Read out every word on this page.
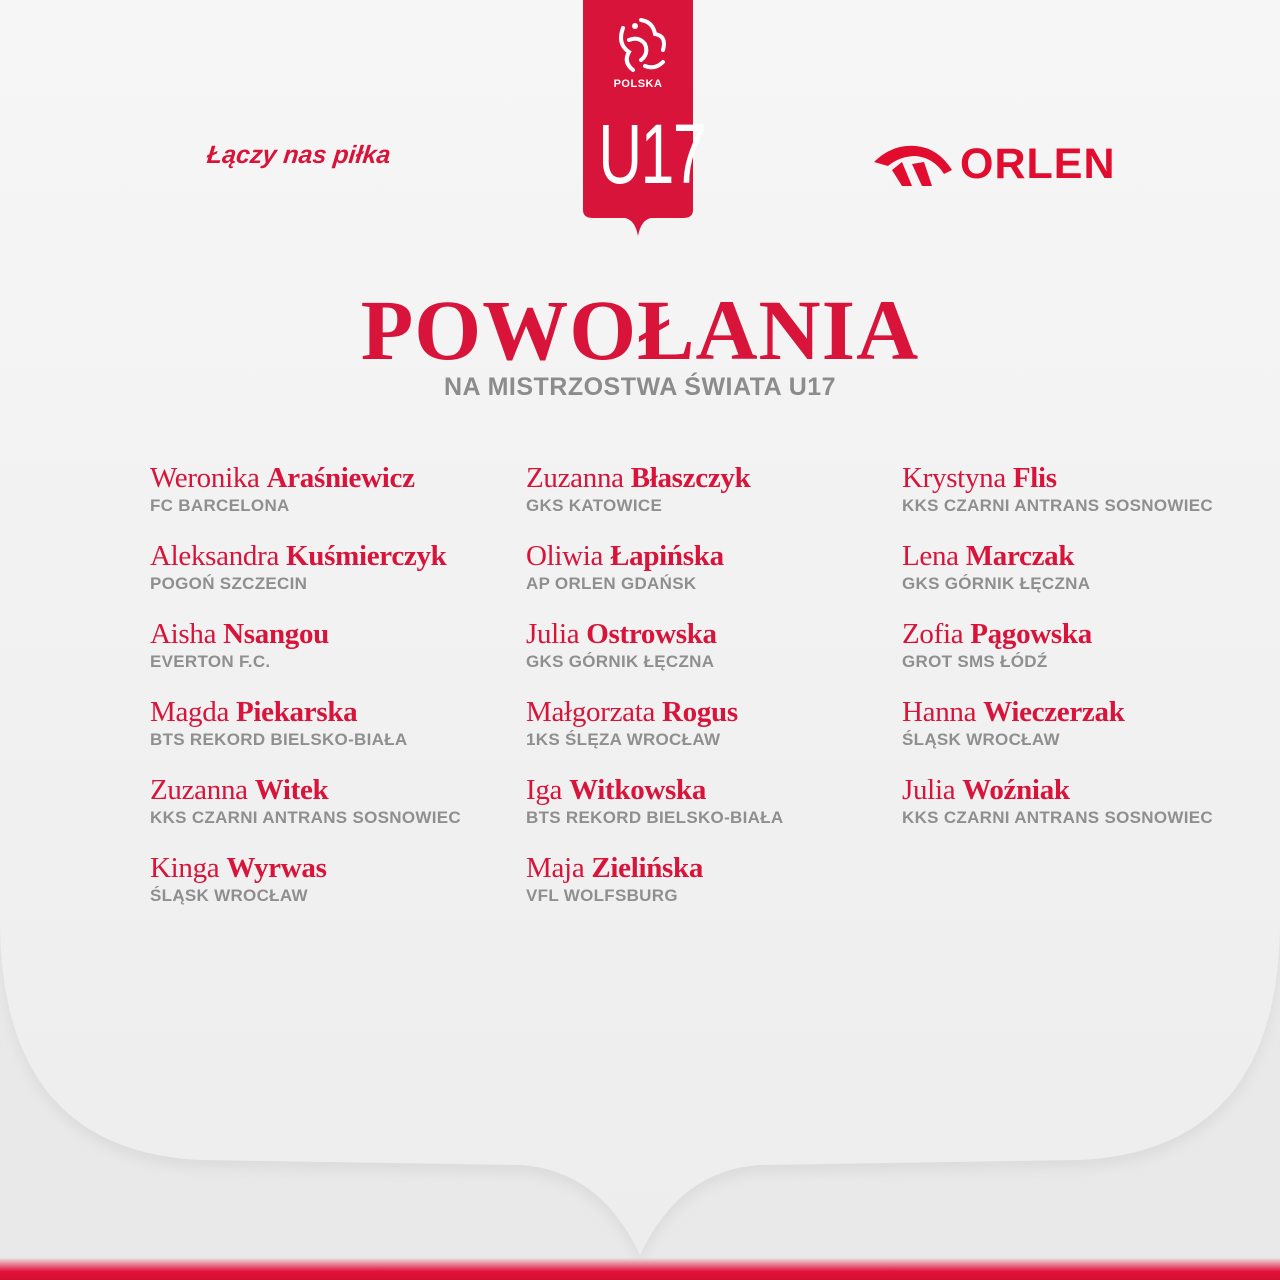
POLSKA
U17
Łączy nas piłka	ORLEN
POWOŁANIA
NA MISTRZOSTWA ŚWIATA U17
Weronika Araśniewicz
FC BARCELONA
Aleksandra Kuśmierczyk
POGOŃ SZCZECIN
Aisha Nsangou
EVERTON F.C.
Magda Piekarska
BTS REKORD BIELSKO-BIAŁA
Zuzanna Witek
KKS CZARNI ANTRANS SOSNOWIEC
Kinga Wyrwas
ŚLĄSK WROCŁAW
Zuzanna Błaszczyk
GKS KATOWICE
Oliwia Łapińska
AP ORLEN GDAŃSK
Julia Ostrowska
GKS GÓRNIK ŁĘCZNA
Małgorzata Rogus
1KS ŚLĘZA WROCŁAW
Iga Witkowska
BTS REKORD BIELSKO-BIAŁA
Maja Zielińska
VFL WOLFSBURG
Krystyna Flis
KKS CZARNI ANTRANS SOSNOWIEC
Lena Marczak
GKS GÓRNIK ŁĘCZNA
Zofia Pągowska
GROT SMS ŁÓDŹ
Hanna Wieczerzak
ŚLĄSK WROCŁAW
Julia Woźniak
KKS CZARNI ANTRANS SOSNOWIEC
